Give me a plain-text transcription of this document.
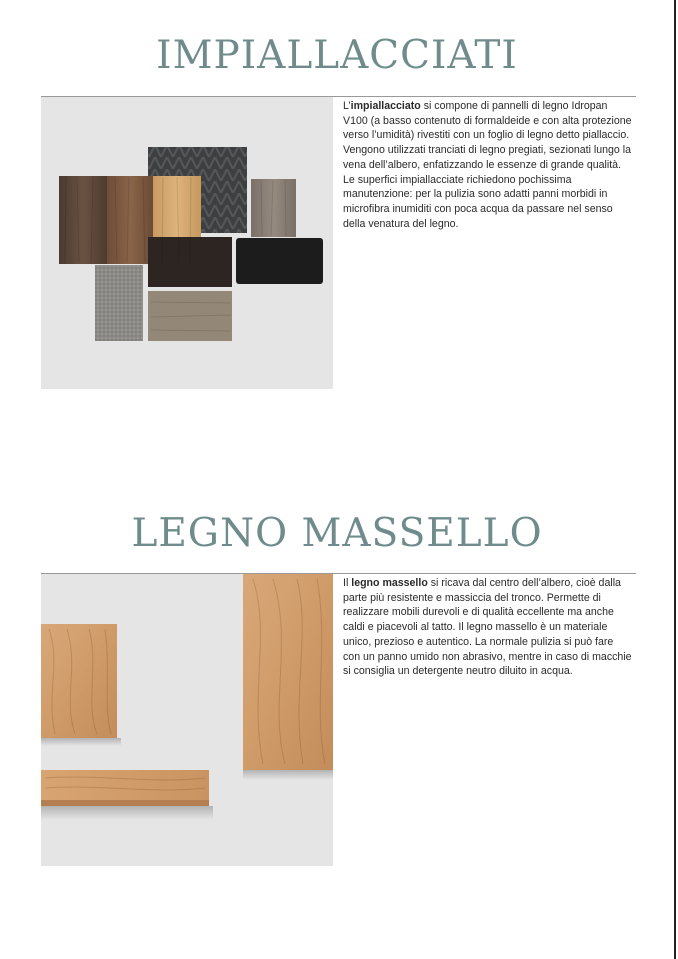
IMPIALLACCIATI

L’impiallacciato si compone di pannelli di legno Idropan V100 (a basso contenuto di formaldeide e con alta protezione verso l’umidità) rivestiti con un foglio di legno detto piallaccio. Vengono utilizzati tranciati di legno pregiati, sezionati lungo la vena dell’albero, enfatizzando le essenze di grande qualità. Le superfici impiallacciate richiedono pochissima manutenzione: per la pulizia sono adatti panni morbidi in microfibra inumiditi con poca acqua da passare nel senso della venatura del legno.

LEGNO MASSELLO

Il legno massello si ricava dal centro dell’albero, cioè dalla parte più resistente e massiccia del tronco. Permette di realizzare mobili durevoli e di qualità eccellente ma anche caldi e piacevoli al tatto. Il legno massello è un materiale unico, prezioso e autentico. La normale pulizia si può fare con un panno umido non abrasivo, mentre in caso di macchie si consiglia un detergente neutro diluito in acqua.
